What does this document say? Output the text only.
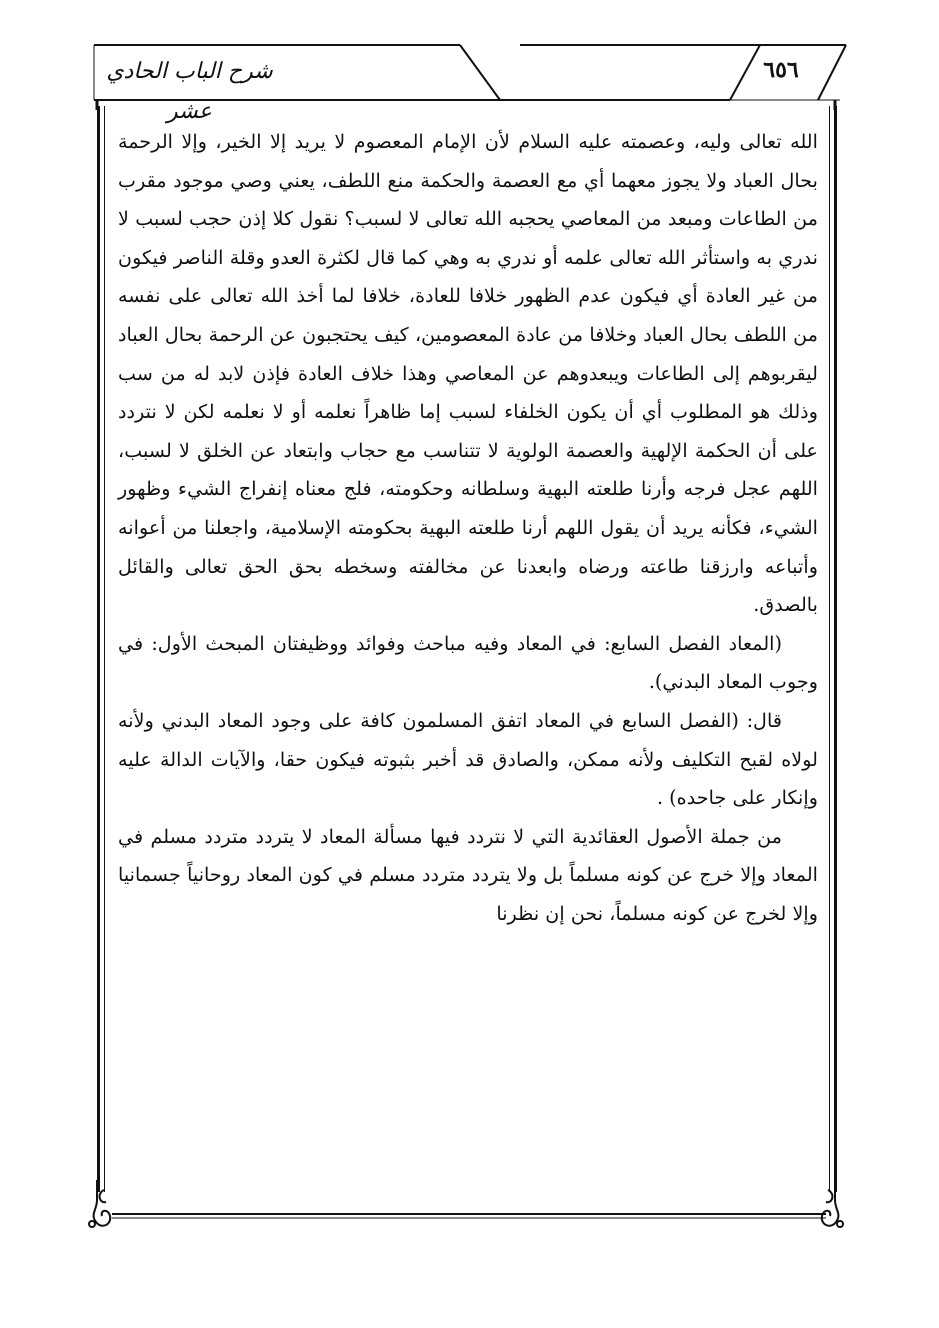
شرح الباب الحادي عشر
٦٥٦

الله تعالى وليه، وعصمته عليه السلام لأن الإمام المعصوم لا يريد إلا الخير، وإلا الرحمة بحال العباد ولا يجوز معهما أي مع العصمة والحكمة منع اللطف، يعني وصي موجود مقرب من الطاعات ومبعد من المعاصي يحجبه الله تعالى لا لسبب؟ نقول كلا إذن حجب لسبب لا ندري به واستأثر الله تعالى علمه أو ندري به وهي كما قال لكثرة العدو وقلة الناصر فيكون من غير العادة أي فيكون عدم الظهور خلافا للعادة، خلافا لما أخذ الله تعالى على نفسه من اللطف بحال العباد وخلافا من عادة المعصومين، كيف يحتجبون عن الرحمة بحال العباد ليقربوهم إلى الطاعات ويبعدوهم عن المعاصي وهذا خلاف العادة فإذن لابد له من سب وذلك هو المطلوب أي أن يكون الخلفاء لسبب إما ظاهراً نعلمه أو لا نعلمه لكن لا نتردد على أن الحكمة الإلهية والعصمة الولوية لا تتناسب مع حجاب وابتعاد عن الخلق لا لسبب، اللهم عجل فرجه وأرنا طلعته البهية وسلطانه وحكومته، فلج معناه إنفراج الشيء وظهور الشيء، فكأنه يريد أن يقول اللهم أرنا طلعته البهية بحكومته الإسلامية، واجعلنا من أعوانه وأتباعه وارزقنا طاعته ورضاه وابعدنا عن مخالفته وسخطه بحق الحق تعالى والقائل بالصدق.

(المعاد الفصل السابع: في المعاد وفيه مباحث وفوائد ووظيفتان المبحث الأول: في وجوب المعاد البدني).

قال: (الفصل السابع في المعاد اتفق المسلمون كافة على وجود المعاد البدني ولأنه لولاه لقبح التكليف ولأنه ممكن، والصادق قد أخبر بثبوته فيكون حقا، والآيات الدالة عليه وإنكار على جاحده) .

من جملة الأصول العقائدية التي لا نتردد فيها مسألة المعاد لا يتردد متردد مسلم في المعاد وإلا خرج عن كونه مسلماً بل ولا يتردد متردد مسلم في كون المعاد روحانياً جسمانيا وإلا لخرج عن كونه مسلماً، نحن إن نظرنا
